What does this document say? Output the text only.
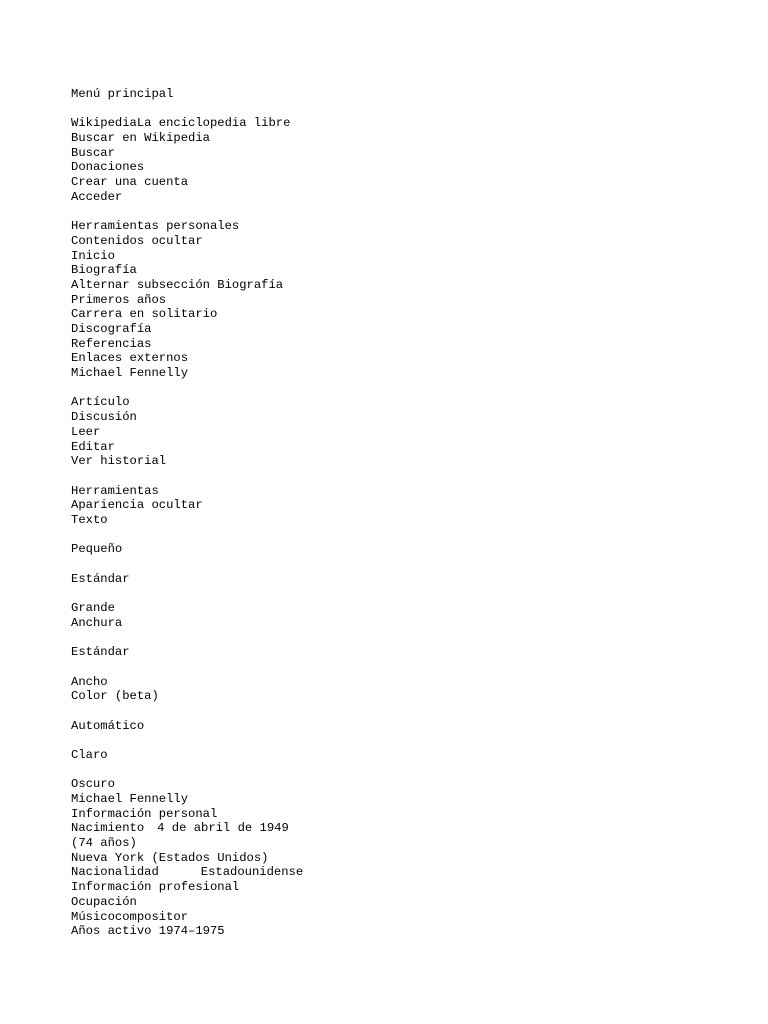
Menú principal
WikipediaLa enciclopedia libre
Buscar en Wikipedia
Buscar
Donaciones
Crear una cuenta
Acceder
Herramientas personales
Contenidos ocultar
Inicio
Biografía
Alternar subsección Biografía
Primeros años
Carrera en solitario
Discografía
Referencias
Enlaces externos
Michael Fennelly
Artículo
Discusión
Leer
Editar
Ver historial
Herramientas
Apariencia ocultar
Texto
Pequeño
Estándar
Grande
Anchura
Estándar
Ancho
Color (beta)
Automático
Claro
Oscuro
Michael Fennelly
Información personal
Nacimiento 4 de abril de 1949
(74 años)
Nueva York (Estados Unidos)
Nacionalidad	Estadounidense
Información profesional
Ocupación
Músicocompositor
Años activo 1974–1975
